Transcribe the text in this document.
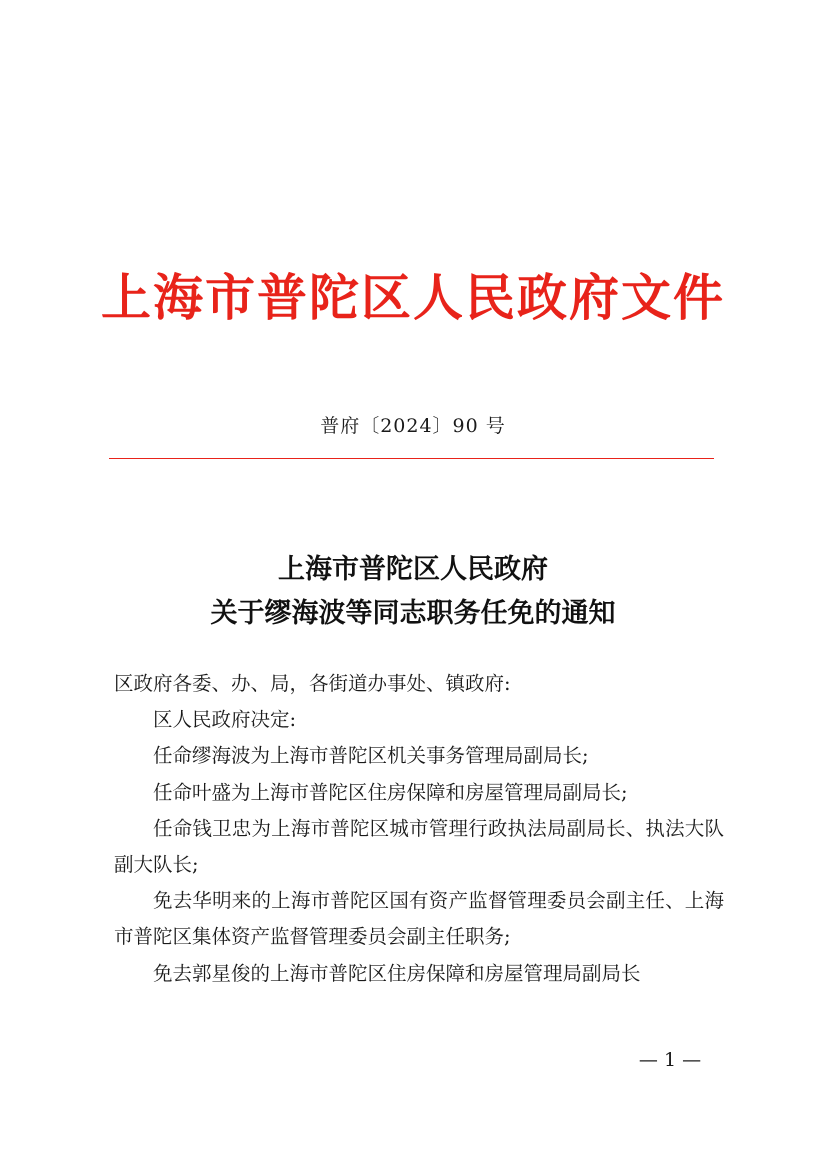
上海市普陀区人民政府文件
普府〔2024〕90 号
上海市普陀区人民政府
关于缪海波等同志职务任免的通知

区政府各委、办、局，各街道办事处、镇政府:

区人民政府决定:

任命缪海波为上海市普陀区机关事务管理局副局长;

任命叶盛为上海市普陀区住房保障和房屋管理局副局长;

任命钱卫忠为上海市普陀区城市管理行政执法局副局长、执法大队副大队长;

免去华明来的上海市普陀区国有资产监督管理委员会副主任、上海市普陀区集体资产监督管理委员会副主任职务;

免去郭星俊的上海市普陀区住房保障和房屋管理局副局长

— 1 —
